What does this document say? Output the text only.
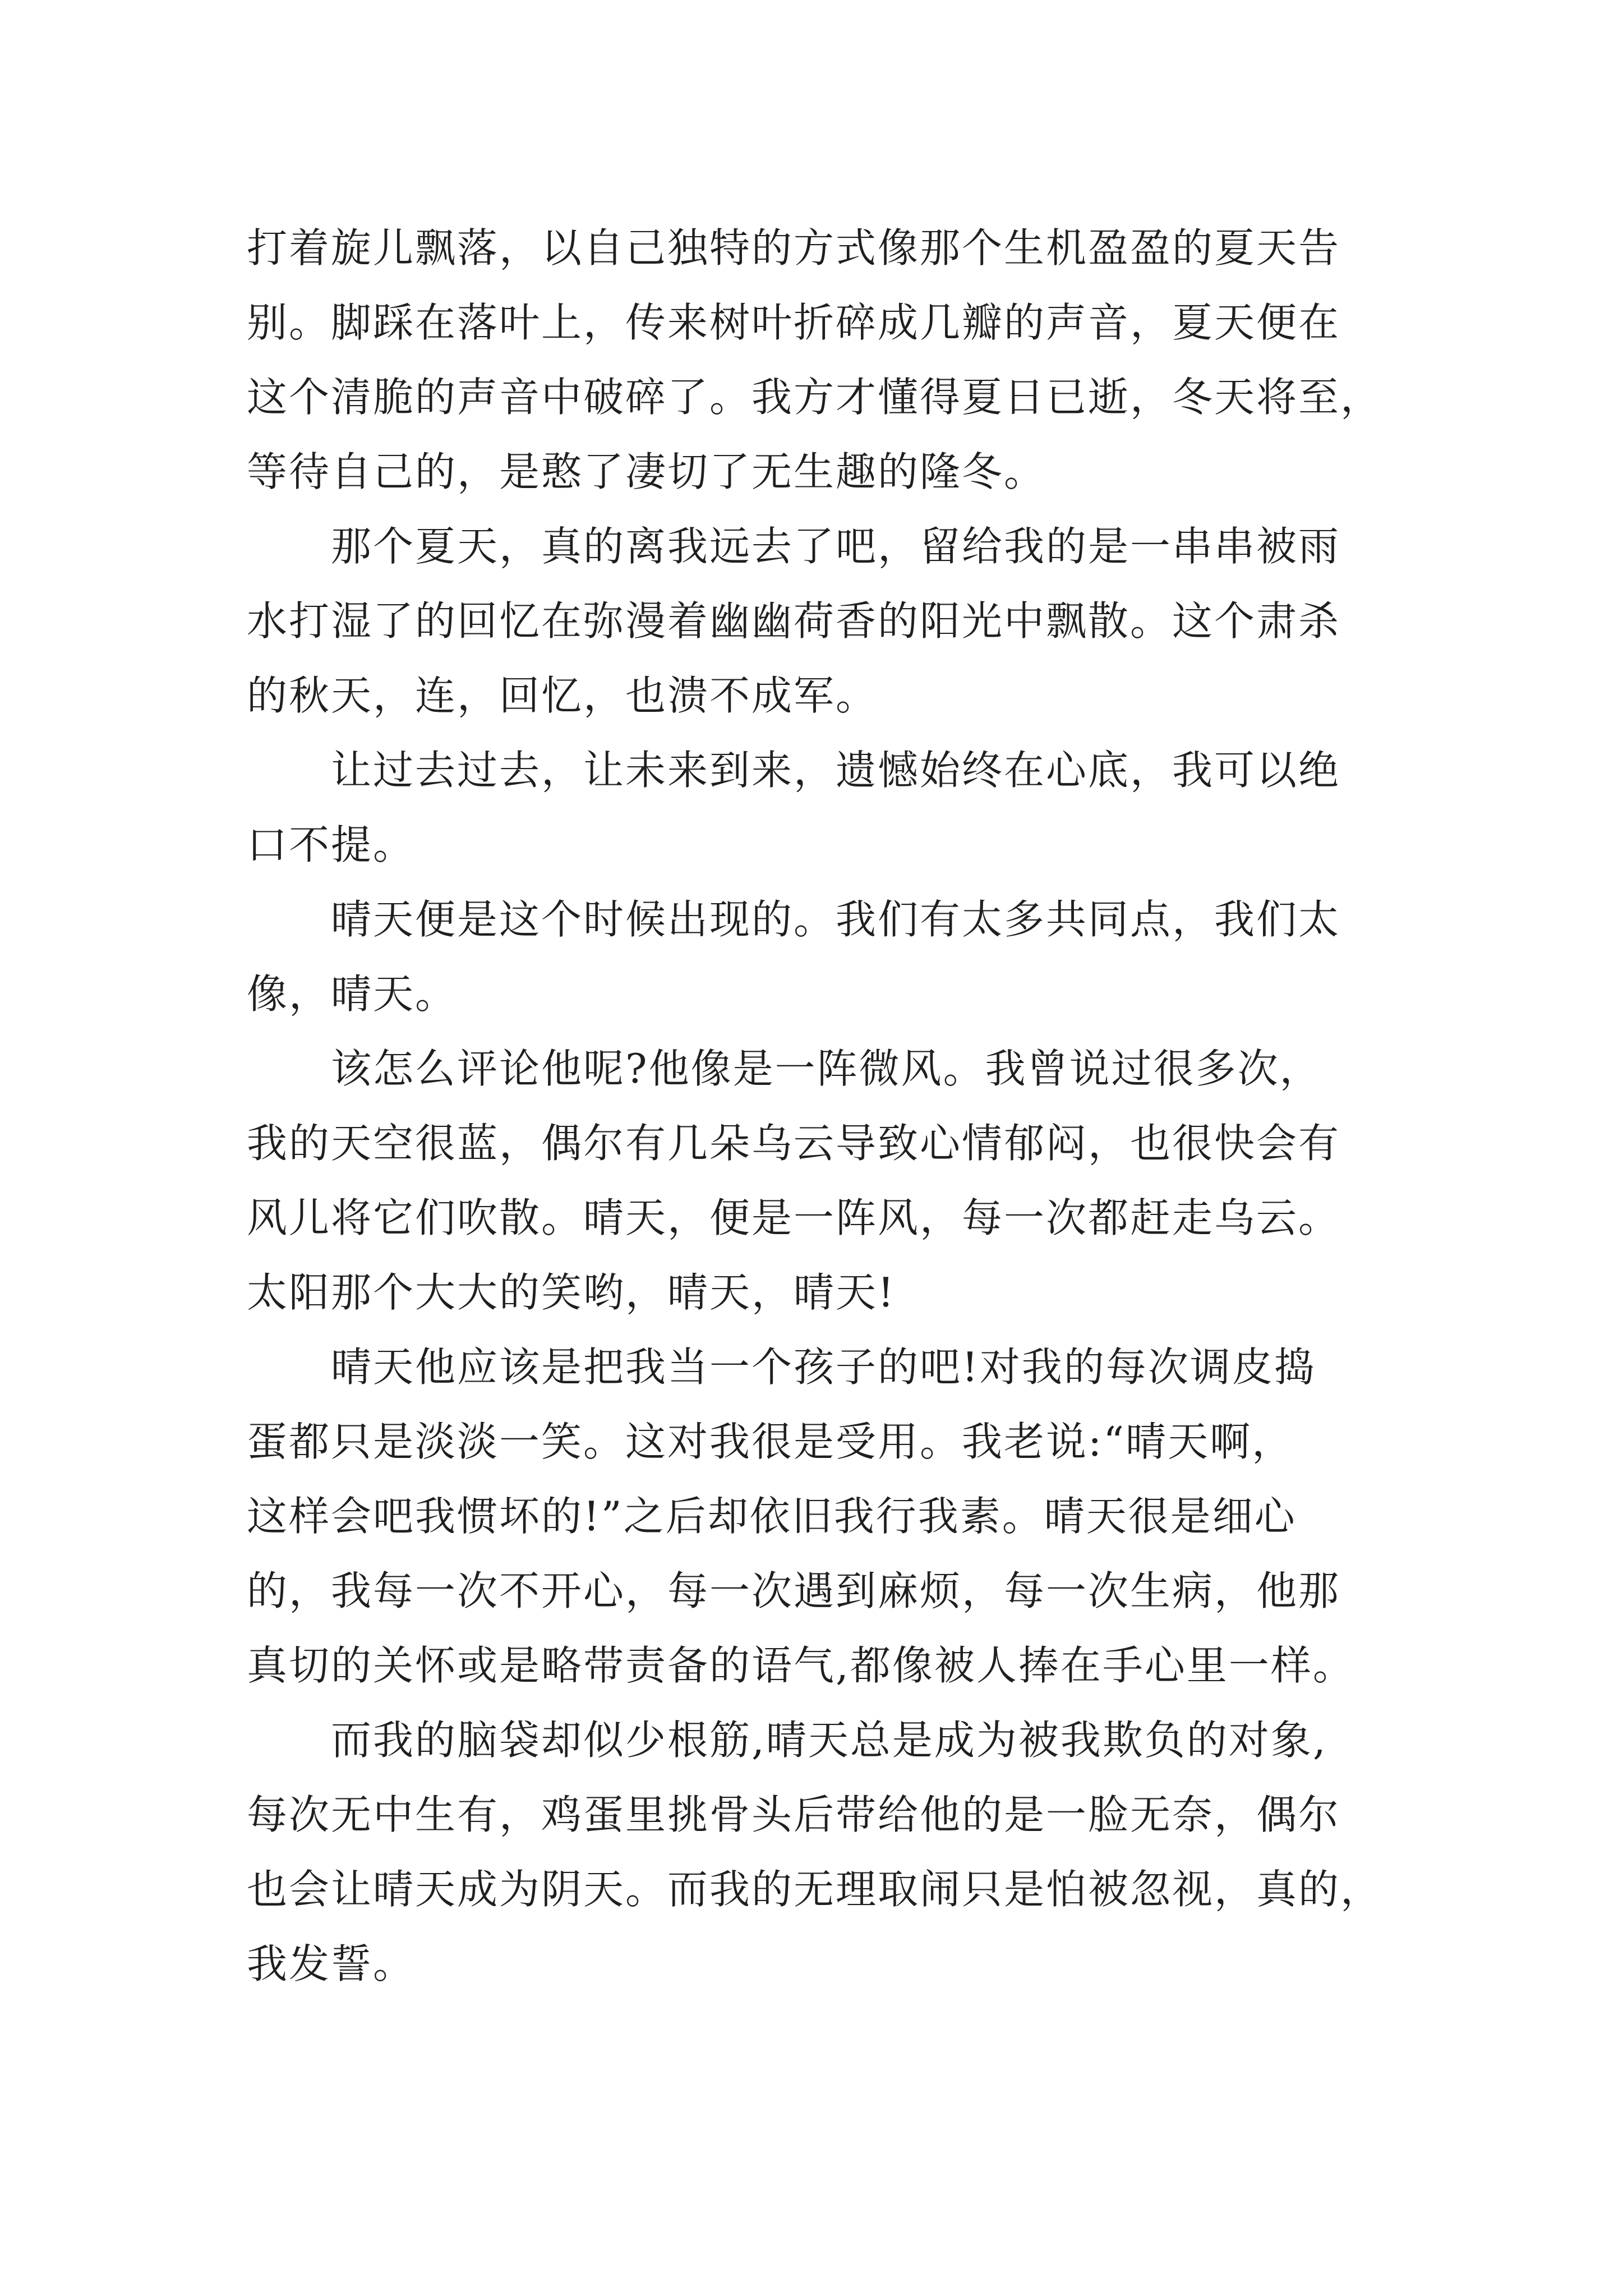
打着旋儿飘落，以自己独特的方式像那个生机盈盈的夏天告
别。脚踩在落叶上，传来树叶折碎成几瓣的声音，夏天便在
这个清脆的声音中破碎了。我方才懂得夏日已逝，冬天将至，
等待自己的，是憨了凄切了无生趣的隆冬。

那个夏天，真的离我远去了吧，留给我的是一串串被雨
水打湿了的回忆在弥漫着幽幽荷香的阳光中飘散。这个肃杀
的秋天，连，回忆，也溃不成军。

让过去过去，让未来到来，遗憾始终在心底，我可以绝
口不提。

晴天便是这个时候出现的。我们有太多共同点，我们太
像，晴天。

该怎么评论他呢?他像是一阵微风。我曾说过很多次，
我的天空很蓝，偶尔有几朵乌云导致心情郁闷，也很快会有
风儿将它们吹散。晴天，便是一阵风，每一次都赶走乌云。
太阳那个大大的笑哟，晴天，晴天!

晴天他应该是把我当一个孩子的吧!对我的每次调皮捣
蛋都只是淡淡一笑。这对我很是受用。我老说:“晴天啊，
这样会吧我惯坏的!”之后却依旧我行我素。晴天很是细心
的，我每一次不开心，每一次遇到麻烦，每一次生病，他那
真切的关怀或是略带责备的语气,都像被人捧在手心里一样。

而我的脑袋却似少根筋,晴天总是成为被我欺负的对象,
每次无中生有，鸡蛋里挑骨头后带给他的是一脸无奈，偶尔
也会让晴天成为阴天。而我的无理取闹只是怕被忽视，真的，
我发誓。
